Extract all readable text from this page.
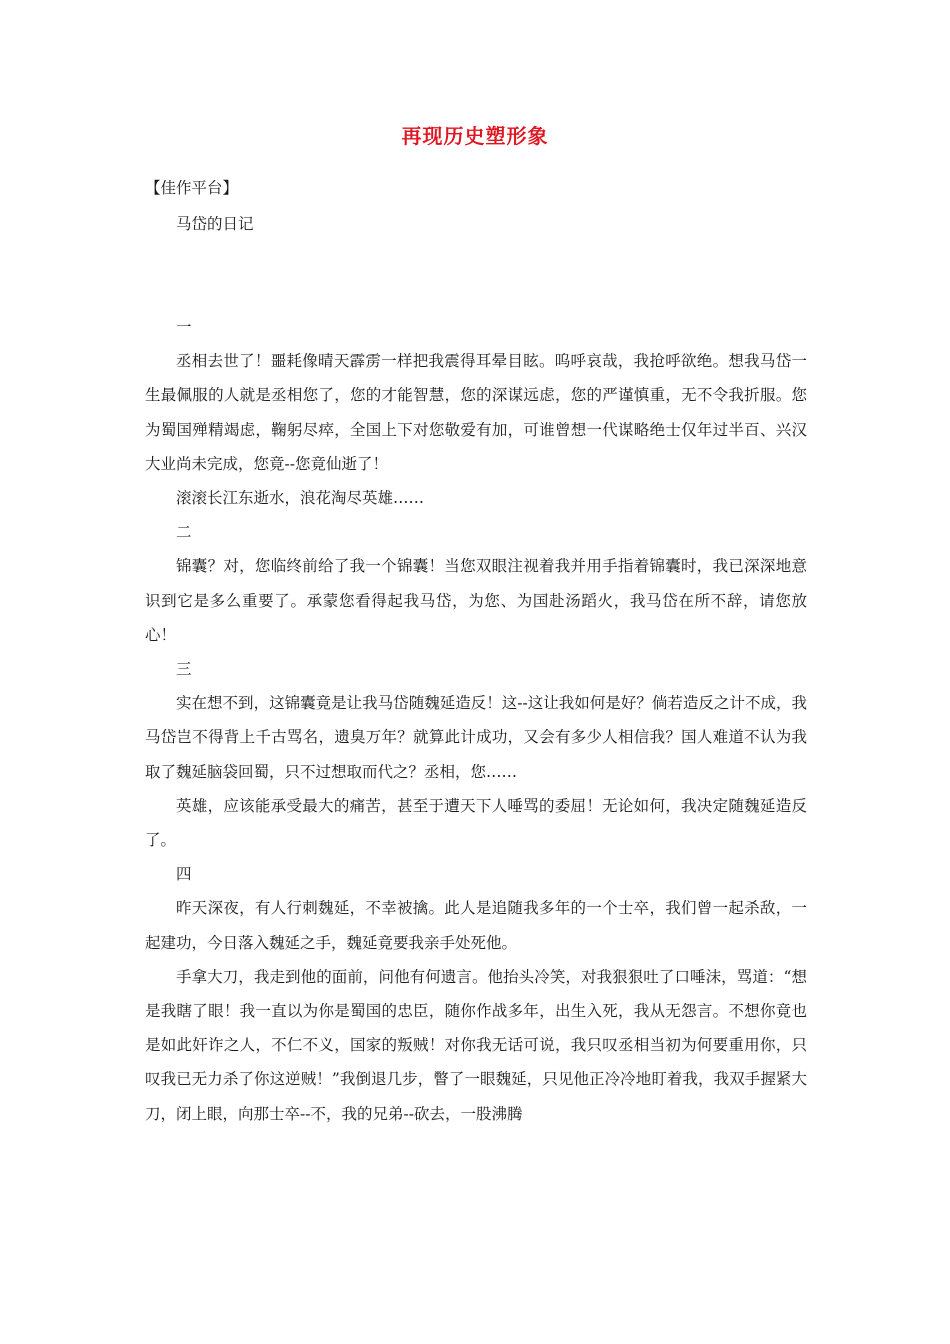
再现历史塑形象
【佳作平台】
马岱的日记

一

丞相去世了！噩耗像晴天霹雳一样把我震得耳晕目眩。呜呼哀哉，我抢呼欲绝。想我马岱一生最佩服的人就是丞相您了，您的才能智慧，您的深谋远虑，您的严谨慎重，无不令我折服。您为蜀国殚精竭虑，鞠躬尽瘁，全国上下对您敬爱有加，可谁曾想一代谋略绝士仅年过半百、兴汉大业尚未完成，您竟--您竟仙逝了！

滚滚长江东逝水，浪花淘尽英雄……

二

锦囊？对，您临终前给了我一个锦囊！当您双眼注视着我并用手指着锦囊时，我已深深地意识到它是多么重要了。承蒙您看得起我马岱，为您、为国赴汤蹈火，我马岱在所不辞，请您放心！

三

实在想不到，这锦囊竟是让我马岱随魏延造反！这--这让我如何是好？倘若造反之计不成，我马岱岂不得背上千古骂名，遗臭万年？就算此计成功，又会有多少人相信我？国人难道不认为我取了魏延脑袋回蜀，只不过想取而代之？丞相，您……

英雄，应该能承受最大的痛苦，甚至于遭天下人唾骂的委屈！无论如何，我决定随魏延造反了。

四

昨天深夜，有人行刺魏延，不幸被擒。此人是追随我多年的一个士卒，我们曾一起杀敌，一起建功，今日落入魏延之手，魏延竟要我亲手处死他。

手拿大刀，我走到他的面前，问他有何遗言。他抬头冷笑，对我狠狠吐了口唾沫，骂道：“想是我瞎了眼！我一直以为你是蜀国的忠臣，随你作战多年，出生入死，我从无怨言。不想你竟也是如此奸诈之人，不仁不义，国家的叛贼！对你我无话可说，我只叹丞相当初为何要重用你，只叹我已无力杀了你这逆贼！”我倒退几步，瞥了一眼魏延，只见他正冷冷地盯着我，我双手握紧大刀，闭上眼，向那士卒--不，我的兄弟--砍去，一股沸腾
